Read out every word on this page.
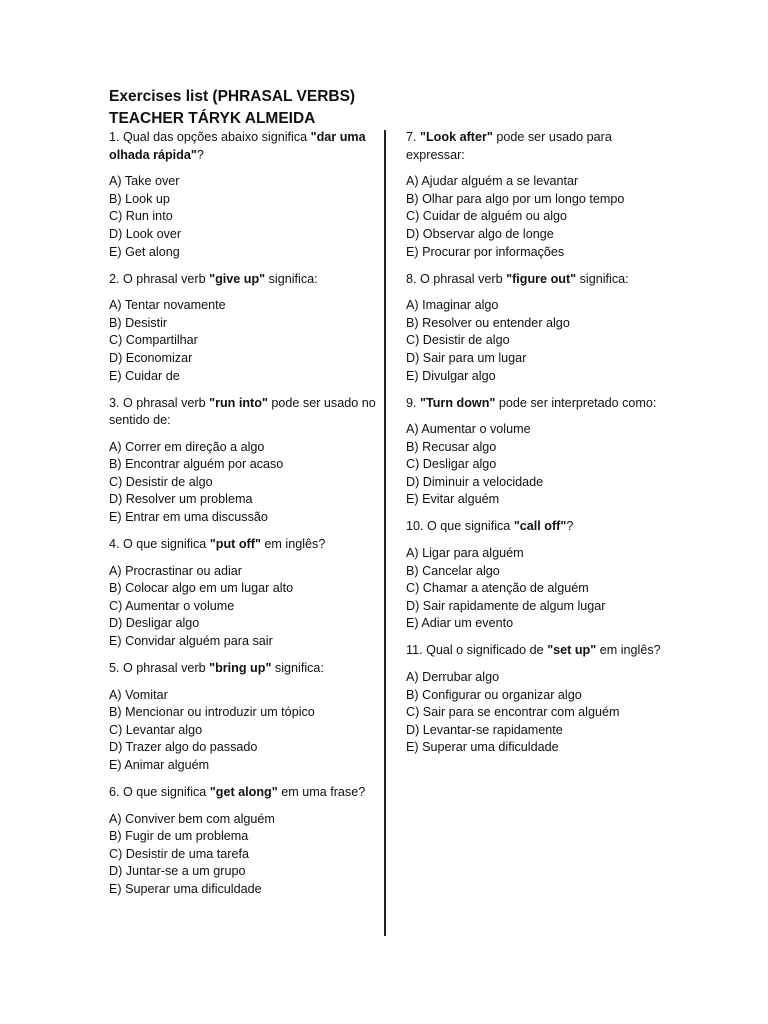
Exercises list (PHRASAL VERBS)
TEACHER TÁRYK ALMEIDA
1. Qual das opções abaixo significa "dar uma olhada rápida"?
A) Take over
B) Look up
C) Run into
D) Look over
E) Get along
2. O phrasal verb "give up" significa:
A) Tentar novamente
B) Desistir
C) Compartilhar
D) Economizar
E) Cuidar de
3. O phrasal verb "run into" pode ser usado no sentido de:
A) Correr em direção a algo
B) Encontrar alguém por acaso
C) Desistir de algo
D) Resolver um problema
E) Entrar em uma discussão
4. O que significa "put off" em inglês?
A) Procrastinar ou adiar
B) Colocar algo em um lugar alto
C) Aumentar o volume
D) Desligar algo
E) Convidar alguém para sair
5. O phrasal verb "bring up" significa:
A) Vomitar
B) Mencionar ou introduzir um tópico
C) Levantar algo
D) Trazer algo do passado
E) Animar alguém
6. O que significa "get along" em uma frase?
A) Conviver bem com alguém
B) Fugir de um problema
C) Desistir de uma tarefa
D) Juntar-se a um grupo
E) Superar uma dificuldade
7. "Look after" pode ser usado para expressar:
A) Ajudar alguém a se levantar
B) Olhar para algo por um longo tempo
C) Cuidar de alguém ou algo
D) Observar algo de longe
E) Procurar por informações
8. O phrasal verb "figure out" significa:
A) Imaginar algo
B) Resolver ou entender algo
C) Desistir de algo
D) Sair para um lugar
E) Divulgar algo
9. "Turn down" pode ser interpretado como:
A) Aumentar o volume
B) Recusar algo
C) Desligar algo
D) Diminuir a velocidade
E) Evitar alguém
10. O que significa "call off"?
A) Ligar para alguém
B) Cancelar algo
C) Chamar a atenção de alguém
D) Sair rapidamente de algum lugar
E) Adiar um evento
11. Qual o significado de "set up" em inglês?
A) Derrubar algo
B) Configurar ou organizar algo
C) Sair para se encontrar com alguém
D) Levantar-se rapidamente
E) Superar uma dificuldade
